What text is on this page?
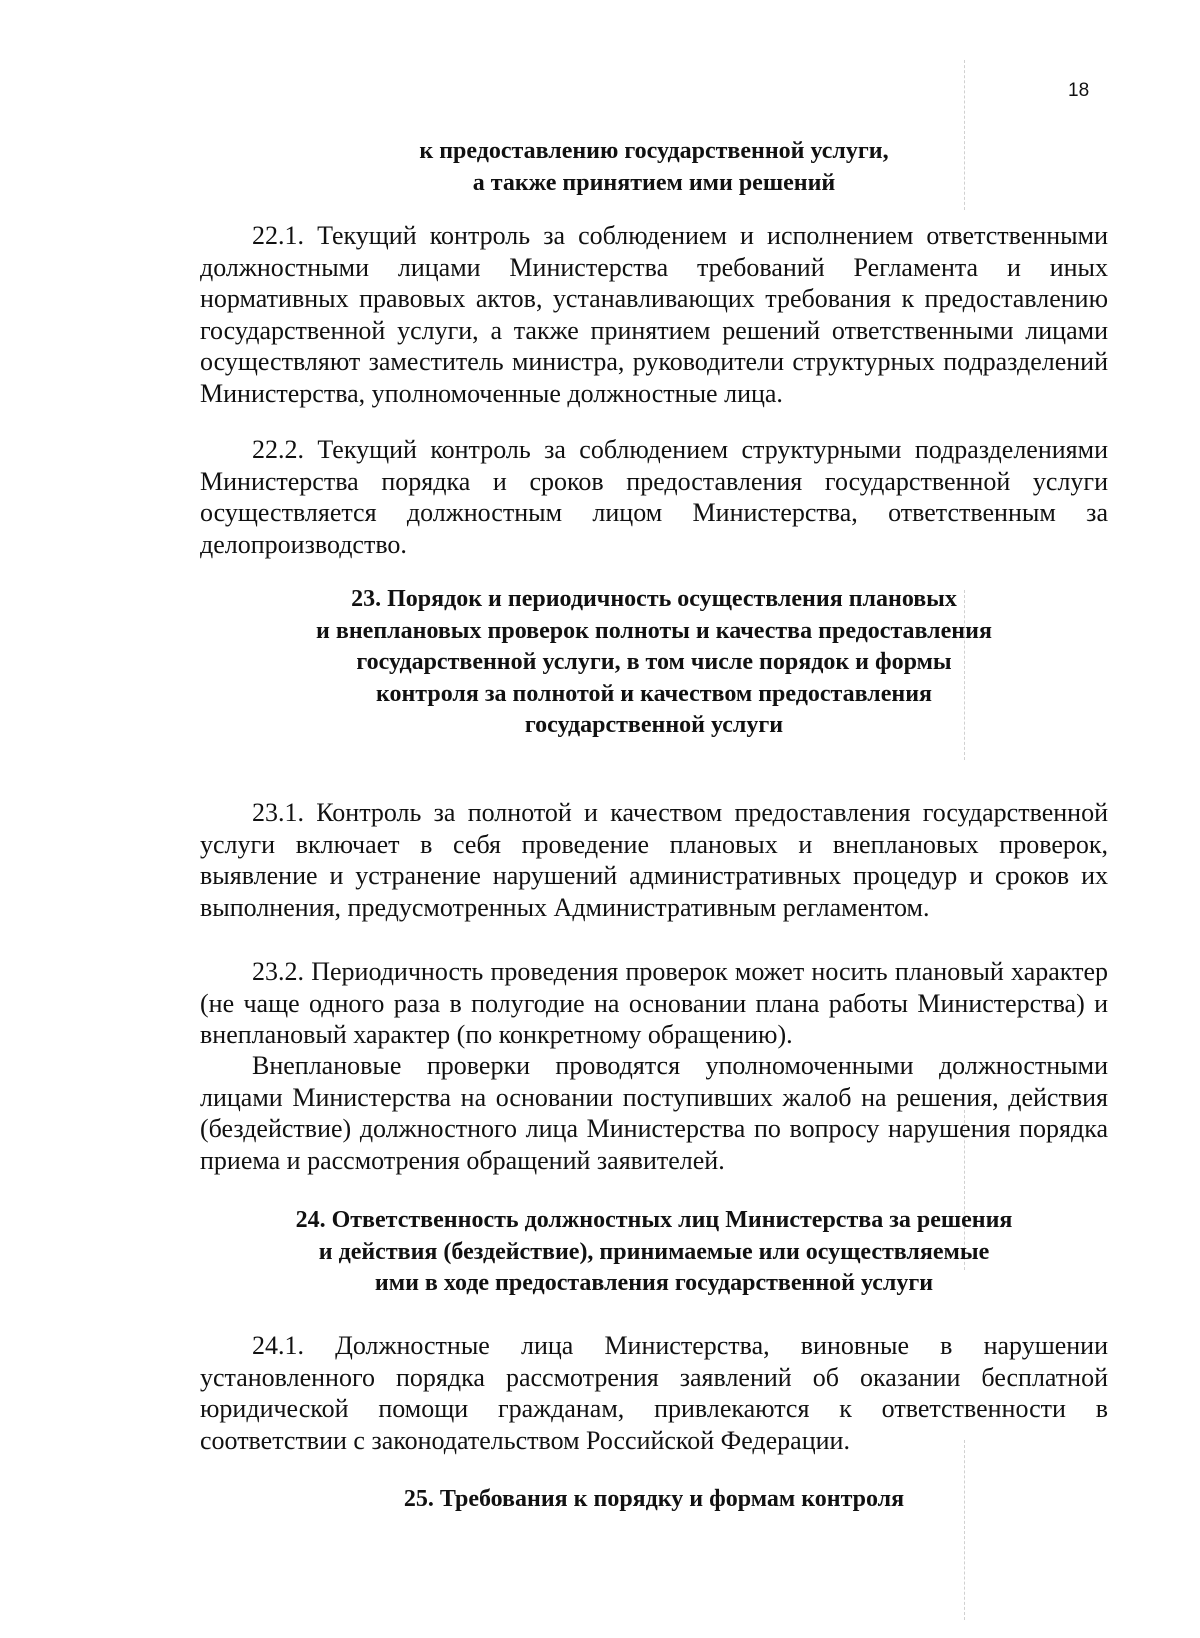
18
к предоставлению государственной услуги,
а также принятием ими решений

22.1. Текущий контроль за соблюдением и исполнением ответственными должностными лицами Министерства требований Регламента и иных нормативных правовых актов, устанавливающих требования к предоставлению государственной услуги, а также принятием решений ответственными лицами осуществляют заместитель министра, руководители структурных подразделений Министерства, уполномоченные должностные лица.

22.2. Текущий контроль за соблюдением структурными подразделениями Министерства порядка и сроков предоставления государственной услуги осуществляется должностным лицом Министерства, ответственным за делопроизводство.

23. Порядок и периодичность осуществления плановых
и внеплановых проверок полноты и качества предоставления
государственной услуги, в том числе порядок и формы
контроля за полнотой и качеством предоставления
государственной услуги

23.1. Контроль за полнотой и качеством предоставления государственной услуги включает в себя проведение плановых и внеплановых проверок, выявление и устранение нарушений административных процедур и сроков их выполнения, предусмотренных Административным регламентом.

23.2. Периодичность проведения проверок может носить плановый характер (не чаще одного раза в полугодие на основании плана работы Министерства) и внеплановый характер (по конкретному обращению).

Внеплановые проверки проводятся уполномоченными должностными лицами Министерства на основании поступивших жалоб на решения, действия (бездействие) должностного лица Министерства по вопросу нарушения порядка приема и рассмотрения обращений заявителей.

24. Ответственность должностных лиц Министерства за решения
и действия (бездействие), принимаемые или осуществляемые
ими в ходе предоставления государственной услуги

24.1. Должностные лица Министерства, виновные в нарушении установленного порядка рассмотрения заявлений об оказании бесплатной юридической помощи гражданам, привлекаются к ответственности в соответствии с законодательством Российской Федерации.

25. Требования к порядку и формам контроля
